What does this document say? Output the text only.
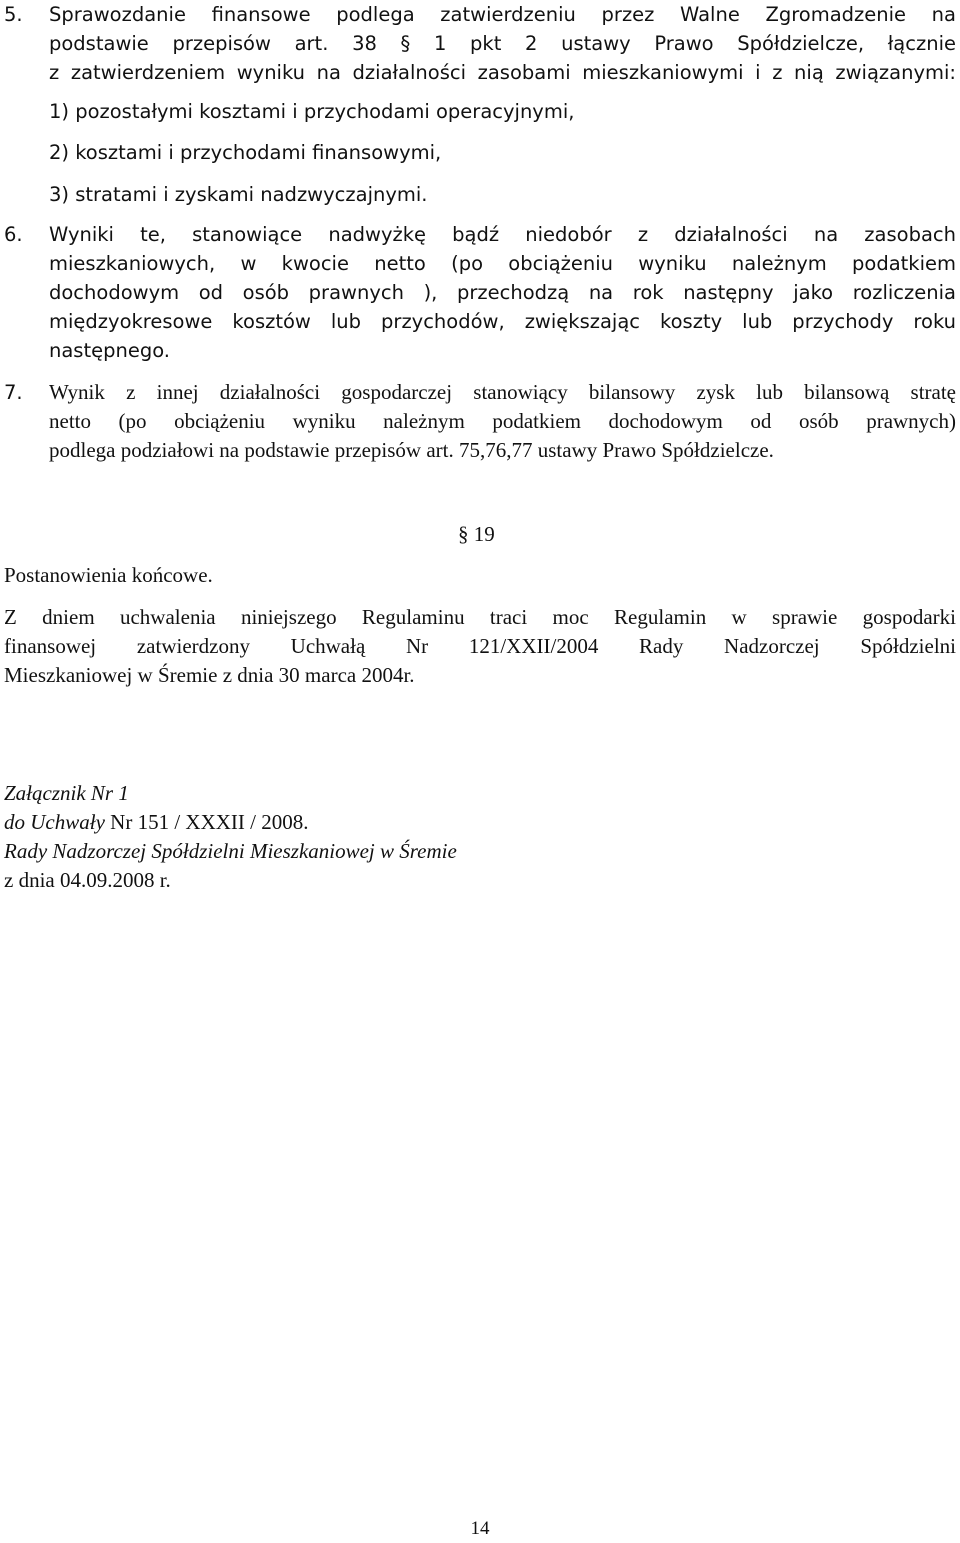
5. Sprawozdanie finansowe podlega zatwierdzeniu przez Walne Zgromadzenie na
podstawie przepisów art. 38 § 1 pkt 2 ustawy Prawo Spółdzielcze, łącznie
z zatwierdzeniem wyniku na działalności zasobami mieszkaniowymi i z nią związanymi:
1) pozostałymi kosztami i przychodami operacyjnymi,
2) kosztami i przychodami finansowymi,
3) stratami i zyskami nadzwyczajnymi.
6. Wyniki te, stanowiące nadwyżkę bądź niedobór z działalności na zasobach
mieszkaniowych, w kwocie netto (po obciążeniu wyniku należnym podatkiem
dochodowym od osób prawnych ), przechodzą na rok następny jako rozliczenia
międzyokresowe kosztów lub przychodów, zwiększając koszty lub przychody roku
następnego.
7. Wynik z innej działalności gospodarczej stanowiący bilansowy zysk lub bilansową stratę
netto (po obciążeniu wyniku należnym podatkiem dochodowym od osób prawnych)
podlega podziałowi na podstawie przepisów art. 75,76,77 ustawy Prawo Spółdzielcze.
§ 19
Postanowienia końcowe.
Z dniem uchwalenia niniejszego Regulaminu traci moc Regulamin w sprawie gospodarki
finansowej zatwierdzony Uchwałą Nr 121/XXII/2004 Rady Nadzorczej Spółdzielni
Mieszkaniowej w Śremie z dnia 30 marca 2004r.
Załącznik Nr 1
do Uchwały Nr 151 / XXXII / 2008.
Rady Nadzorczej Spółdzielni Mieszkaniowej w Śremie
z dnia 04.09.2008 r.
14
